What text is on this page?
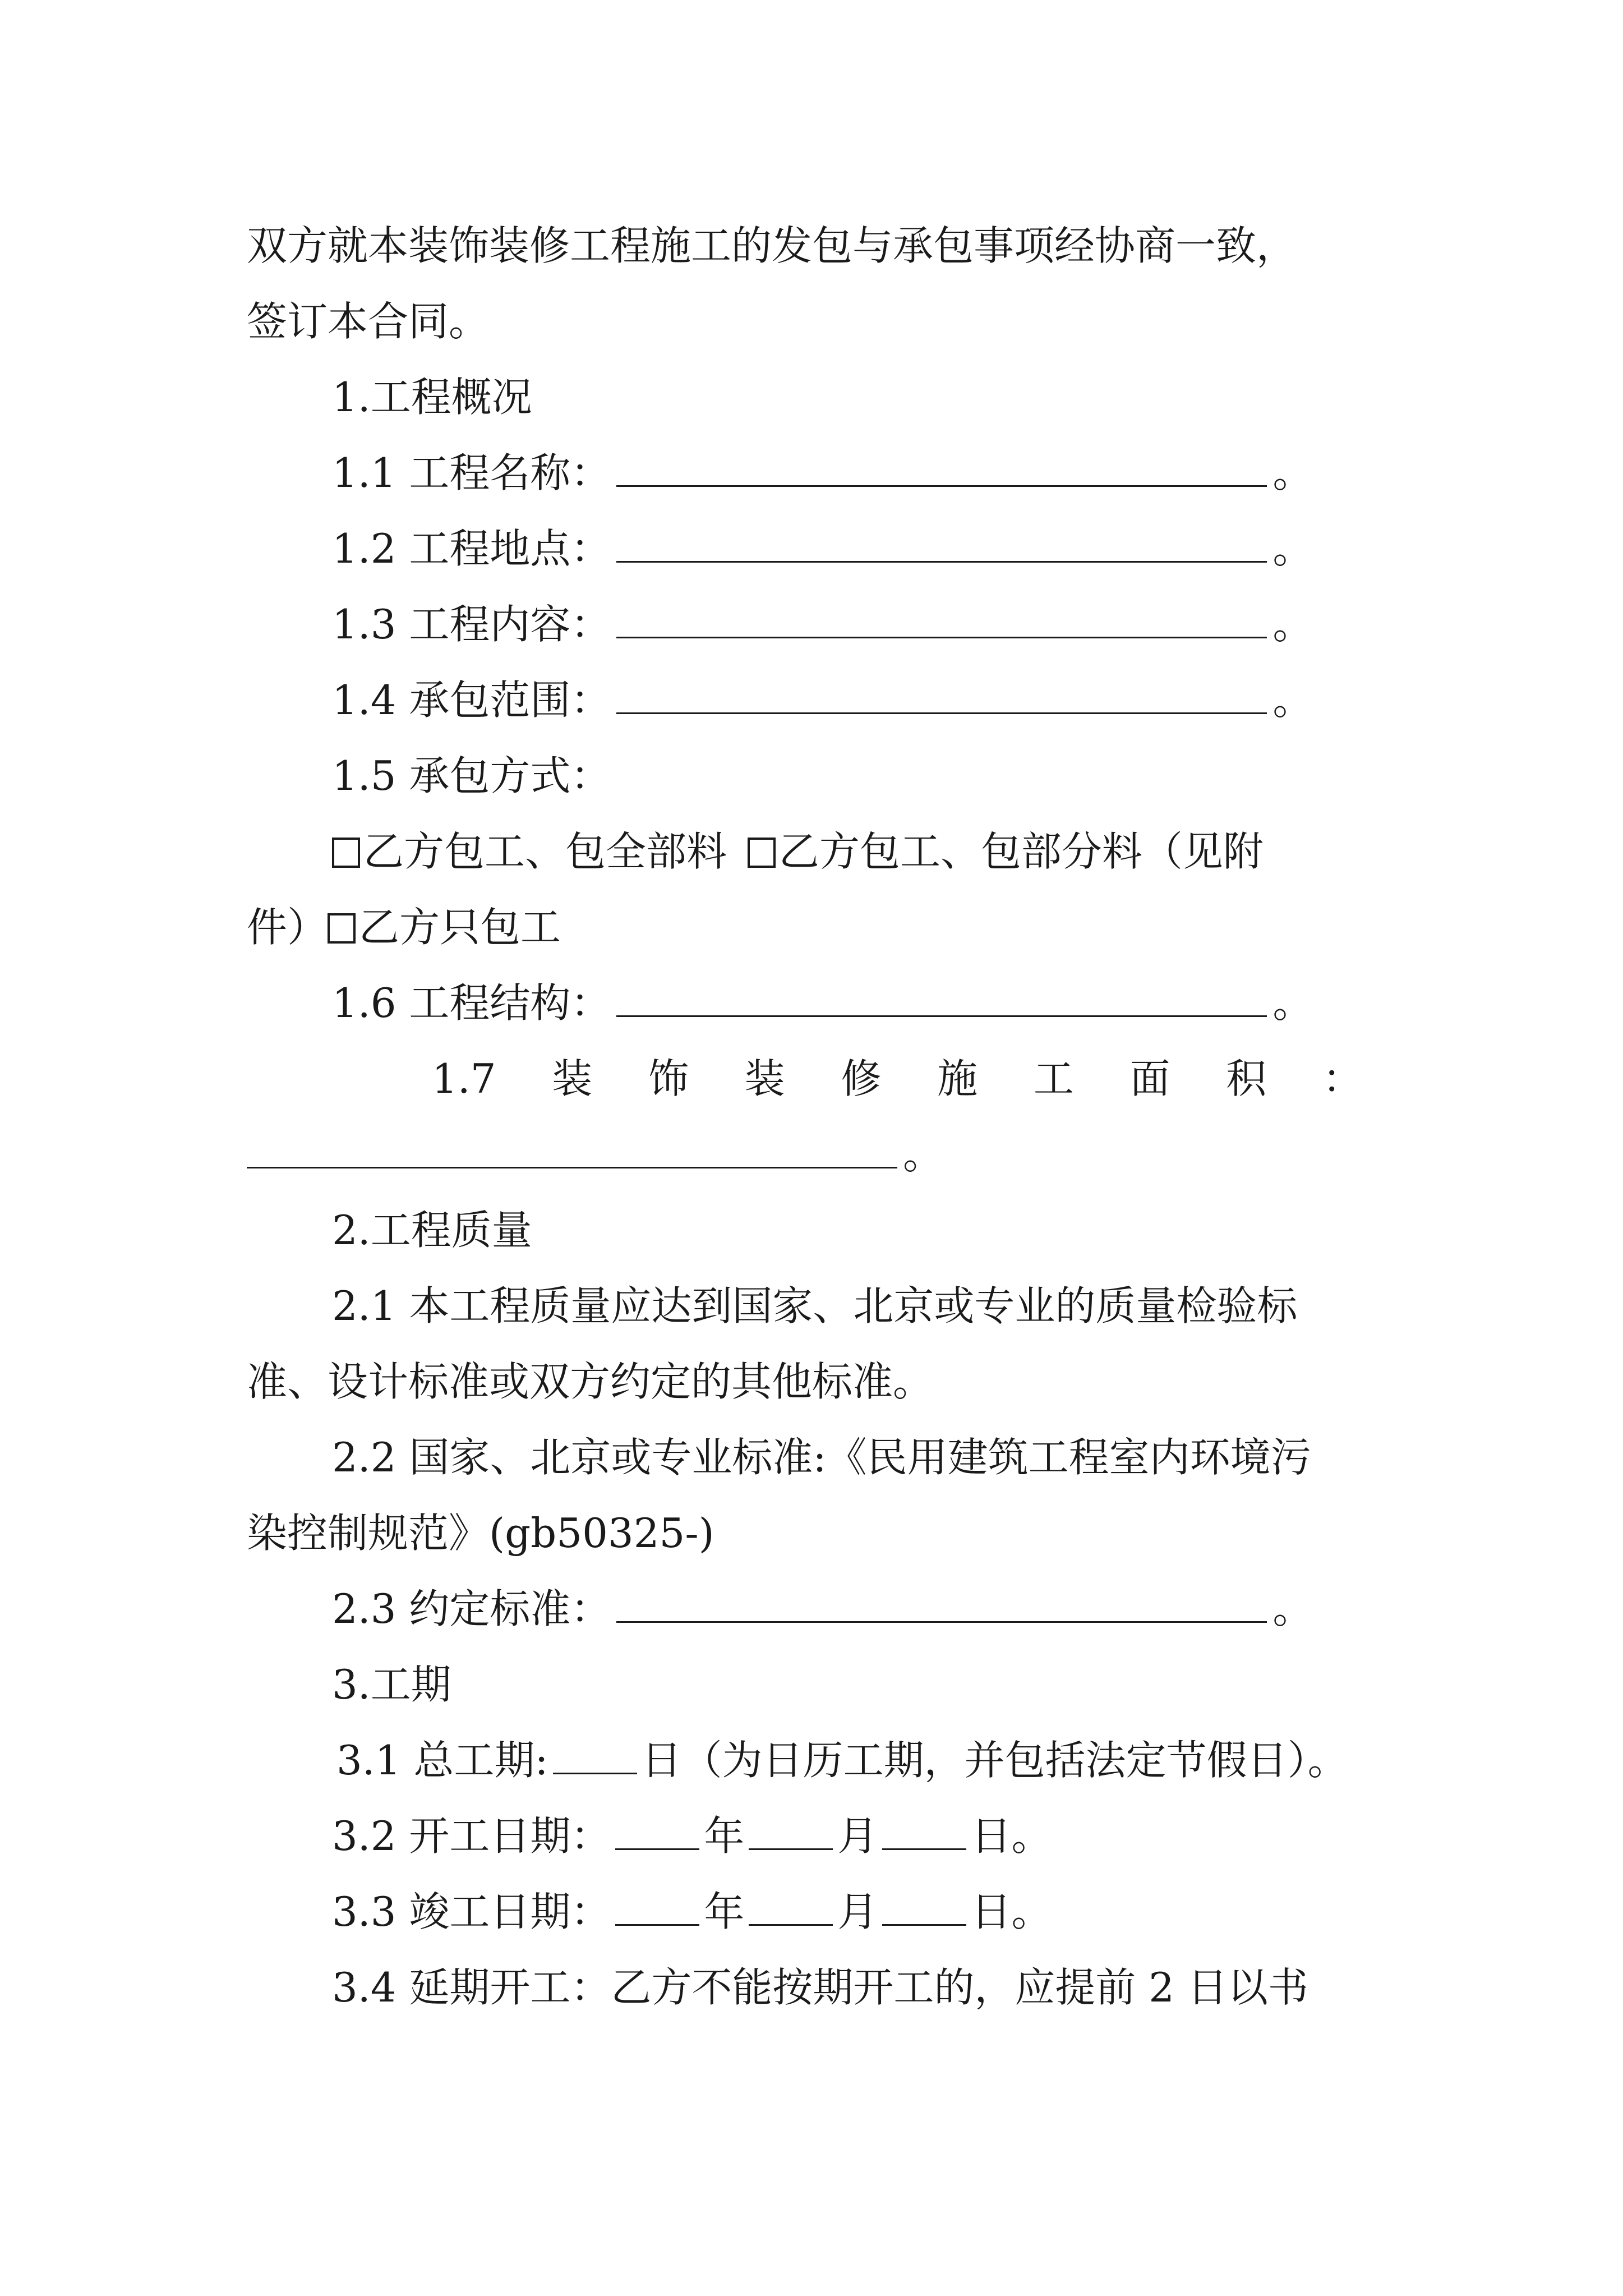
双方就本装饰装修工程施工的发包与承包事项经协商一致，
签订本合同。
1.工程概况
1.1 工程名称：	。
1.2 工程地点：	。
1.3 工程内容：	。
1.4 承包范围：	。
1.5 承包方式：
乙方包工、包全部料 乙方包工、包部分料（见附
件） 乙方只包工
1.6 工程结构：	。
1.7 装 饰 装 修 施 工 面 积 ：
。
2.工程质量
2.1 本工程质量应达到国家、北京或专业的质量检验标
准、设计标准或双方约定的其他标准。
2.2 国家、北京或专业标准:《民用建筑工程室内环境污
染控制规范》(gb50325-)
2.3 约定标准：	。
3.工期
3.1 总工期: 日（为日历工期，并包括法定节假日）。
3.2 开工日期： 年 月 日。
3.3 竣工日期： 年 月 日。
3.4 延期开工：乙方不能按期开工的，应提前 2 日以书
